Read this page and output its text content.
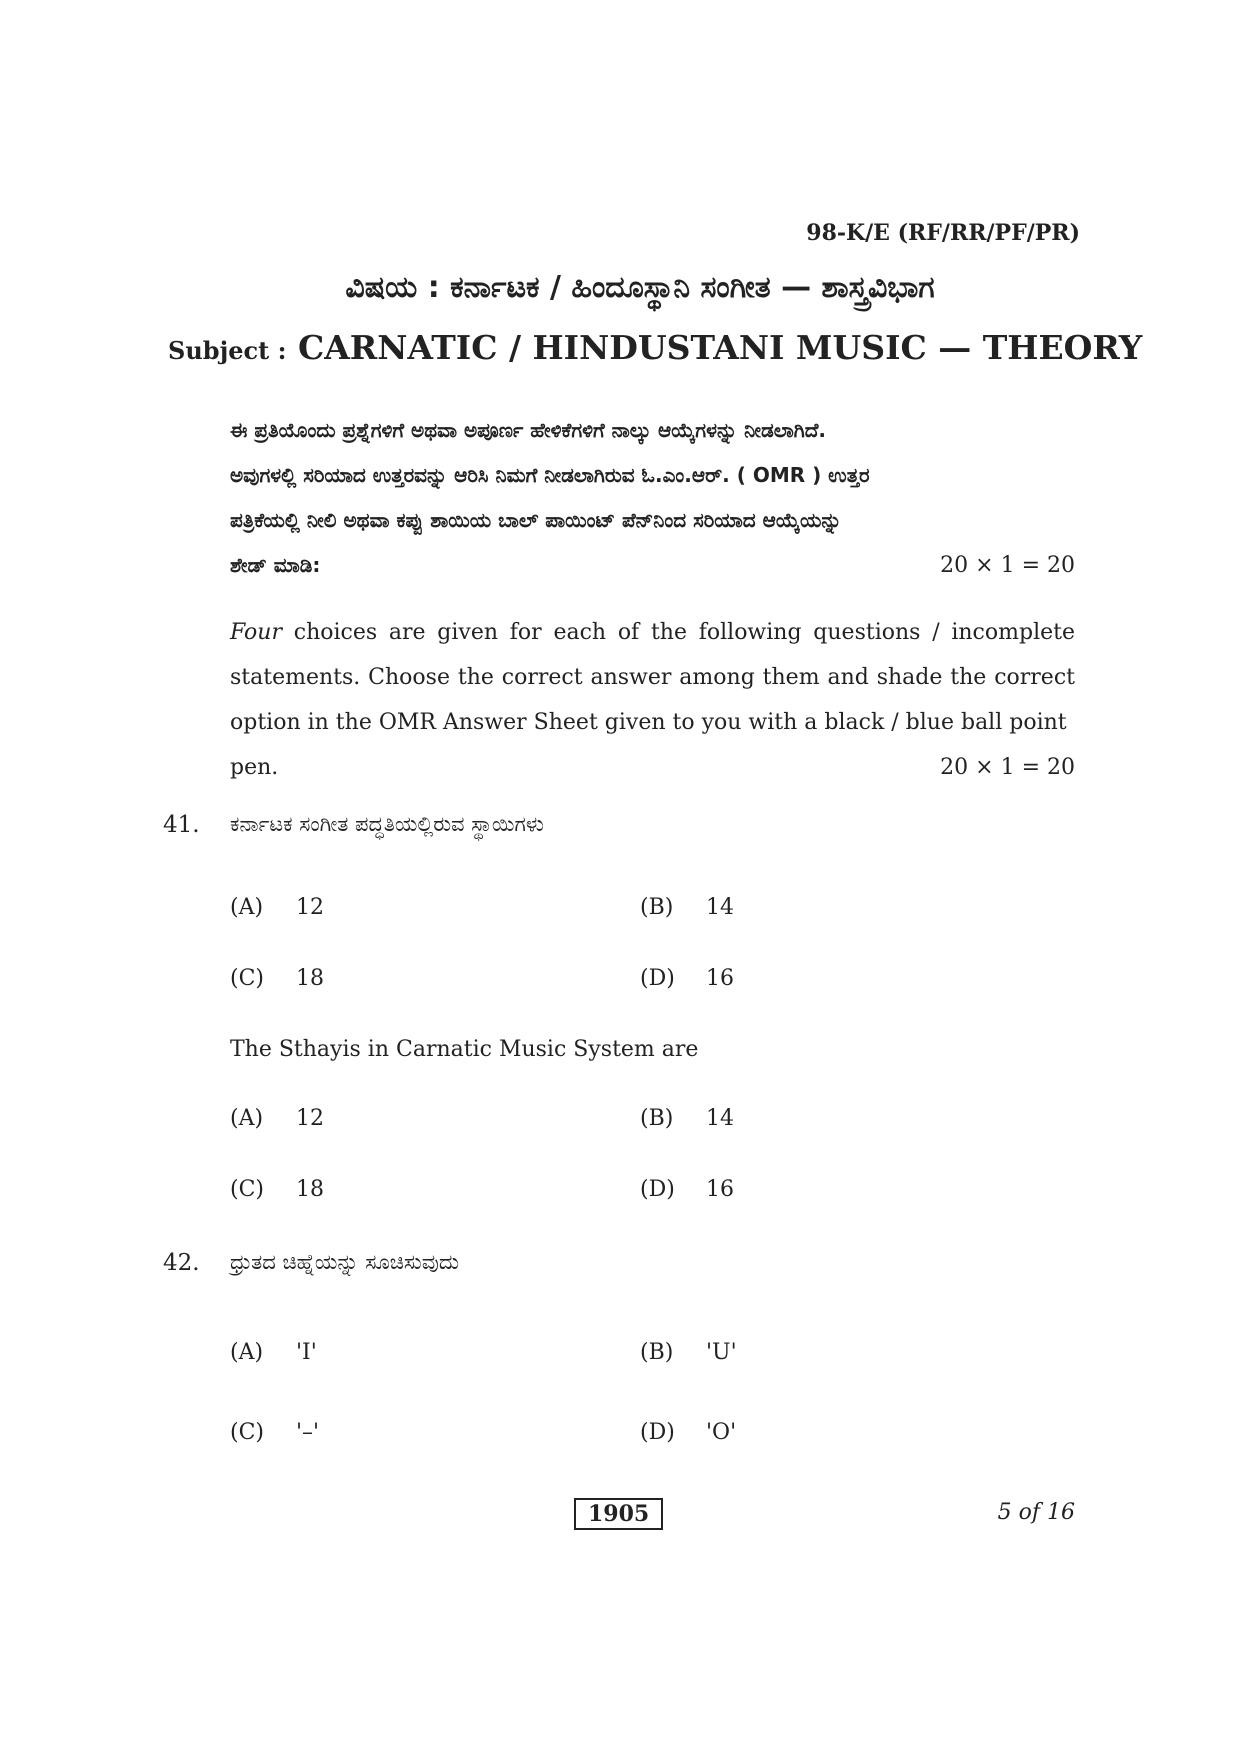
98-K/E (RF/RR/PF/PR)
ವಿಷಯ : ಕರ್ನಾಟಕ / ಹಿಂದೂಸ್ಥಾನಿ ಸಂಗೀತ — ಶಾಸ್ತ್ರವಿಭಾಗ
Subject : CARNATIC / HINDUSTANI MUSIC — THEORY
ಈ ಪ್ರತಿಯೊಂದು ಪ್ರಶ್ನೆಗಳಿಗೆ ಅಥವಾ ಅಪೂರ್ಣ ಹೇಳಿಕೆಗಳಿಗೆ ನಾಲ್ಕು ಆಯ್ಕೆಗಳನ್ನು ನೀಡಲಾಗಿದೆ.
ಅವುಗಳಲ್ಲಿ ಸರಿಯಾದ ಉತ್ತರವನ್ನು ಆರಿಸಿ ನಿಮಗೆ ನೀಡಲಾಗಿರುವ ಓ.ಎಂ.ಆರ್. ( OMR ) ಉತ್ತರ
ಪತ್ರಿಕೆಯಲ್ಲಿ ನೀಲಿ ಅಥವಾ ಕಪ್ಪು ಶಾಯಿಯ ಬಾಲ್ ಪಾಯಿಂಟ್ ಪೆನ್‌ನಿಂದ ಸರಿಯಾದ ಆಯ್ಕೆಯನ್ನು
ಶೇಡ್ ಮಾಡಿ:	20 × 1 = 20
Four choices are given for each of the following questions / incomplete statements. Choose the correct answer among them and shade the correct option in the OMR Answer Sheet given to you with a black / blue ball point
pen.	20 × 1 = 20
41. ಕರ್ನಾಟಕ ಸಂಗೀತ ಪದ್ಧತಿಯಲ್ಲಿರುವ ಸ್ಥಾಯಿಗಳು
(A)	12	(B)	14
(C)	18	(D)	16
The Sthayis in Carnatic Music System are
(A)	12	(B)	14
(C)	18	(D)	16
42. ಧ್ರುತದ ಚಿಹ್ನೆಯನ್ನು ಸೂಚಿಸುವುದು
(A)	'I'	(B)	'U'
(C)	'–'	(D)	'O'
1905	5 of 16
